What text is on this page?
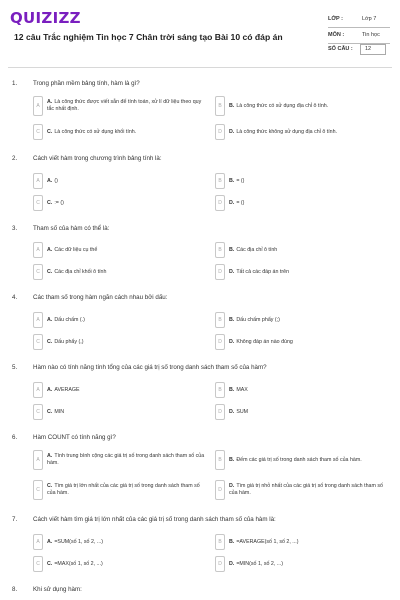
QUIZIZZ
12 câu Trắc nghiệm Tin học 7 Chân trời sáng tạo Bài 10 có đáp án
LỚP :	Lớp 7
MÔN :	Tin học
SỐ CÂU : 12
1.	Trong phần mềm bảng tính, hàm là gì?
A
A. Là công thức được viết sẵn để tính toán, xử lí dữ liệu theo quy tắc nhất định.	B	B. Là công thức có sử dụng địa chỉ ô tính.
C	C. Là công thức có sử dụng khối tính.	D	D. Là công thức không sử dụng địa chỉ ô tính.
2.	Cách viết hàm trong chương trình bảng tính là:
A	A. ()	B	B. = ()
C	C. := ()	D	D. = ()
3.	Tham số của hàm có thể là:
A	A. Các dữ liệu cụ thể	B	B. Các địa chỉ ô tính
C	C. Các địa chỉ khối ô tính	D	D. Tất cả các đáp án trên
4.	Các tham số trong hàm ngăn cách nhau bởi dấu:
A	A. Dấu chấm (.)	B	B. Dấu chấm phẩy (;)
C	C. Dấu phẩy (,)	D	D. Không đáp án nào đúng
5.	Hàm nào có tính năng tính tổng của các giá trị số trong danh sách tham số của hàm?
A	A. AVERAGE	B	B. MAX
C	C. MIN	D	D. SUM
6.	Hàm COUNT có tính năng gì?
A
A. Tính trung bình cộng các giá trị số trong danh sách tham số của hàm.	B	B. Đếm các giá trị số trong danh sách tham số của hàm.
C
C. Tìm giá trị lớn nhất của các giá trị số trong danh sách tham số của hàm.	D
D. Tìm giá trị nhỏ nhất của các giá trị số trong danh sách tham số của hàm.
7.	Cách viết hàm tìm giá trị lớn nhất của các giá trị số trong danh sách tham số của hàm là:
A	A. =SUM(số 1, số 2, ...)	B	B. =AVERAGE(số 1, số 2, ...)
C	C. =MAX(số 1, số 2, ...)	D	D. =MIN(số 1, số 2, ...)
8.	Khi sử dụng hàm:
